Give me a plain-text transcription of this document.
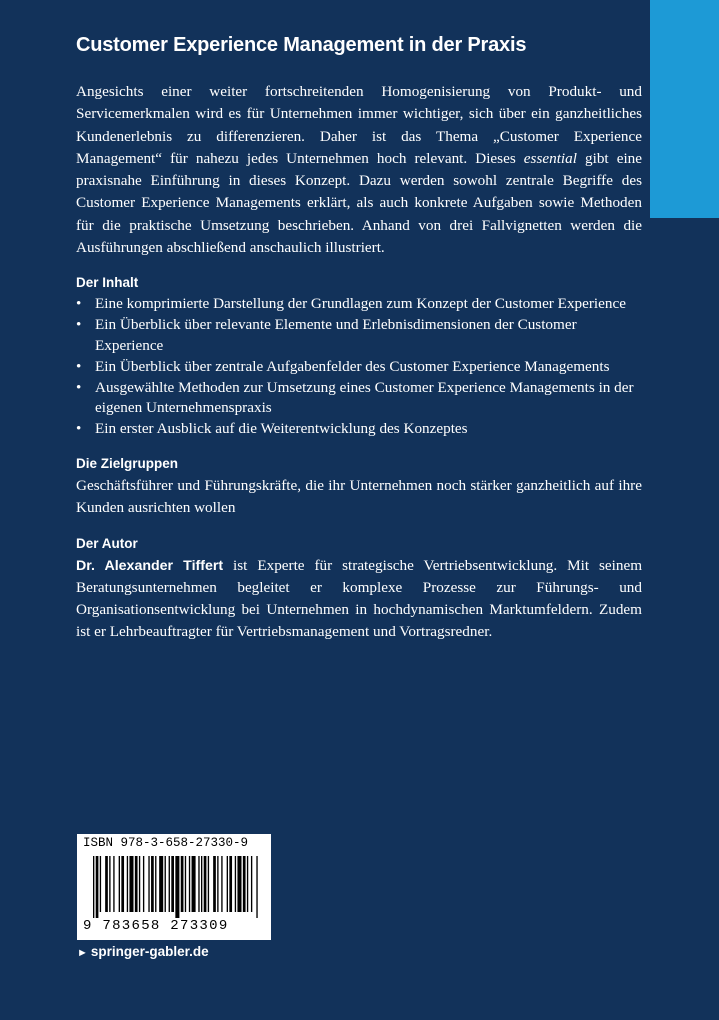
Customer Experience Management in der Praxis

Angesichts einer weiter fortschreitenden Homogenisierung von Produkt- und Servicemerkmalen wird es für Unternehmen immer wichtiger, sich über ein ganzheitliches Kundenerlebnis zu differenzieren. Daher ist das Thema „Customer Experience Management“ für nahezu jedes Unternehmen hoch relevant. Dieses essential gibt eine praxisnahe Einführung in dieses Konzept. Dazu werden sowohl zentrale Begriffe des Customer Experience Managements erklärt, als auch konkrete Aufgaben sowie Methoden für die praktische Umsetzung beschrieben. Anhand von drei Fallvignetten werden die Ausführungen abschließend anschaulich illustriert.

Der Inhalt
• Eine komprimierte Darstellung der Grundlagen zum Konzept der Customer Experience
• Ein Überblick über relevante Elemente und Erlebnisdimensionen der Customer Experience
• Ein Überblick über zentrale Aufgabenfelder des Customer Experience Managements
• Ausgewählte Methoden zur Umsetzung eines Customer Experience Managements in der eigenen Unternehmenspraxis
• Ein erster Ausblick auf die Weiterentwicklung des Konzeptes
Die Zielgruppen

Geschäftsführer und Führungskräfte, die ihr Unternehmen noch stärker ganzheitlich auf ihre Kunden ausrichten wollen

Der Autor

Dr. Alexander Tiffert ist Experte für strategische Vertriebsentwicklung. Mit seinem Beratungsunternehmen begleitet er komplexe Prozesse zur Führungs- und Organisationsentwicklung bei Unternehmen in hochdynamischen Marktumfeldern. Zudem ist er Lehrbeauftragter für Vertriebsmanagement und Vortragsredner.

ISBN 978-3-658-27330-9
9 783658 273309
► springer-gabler.de
